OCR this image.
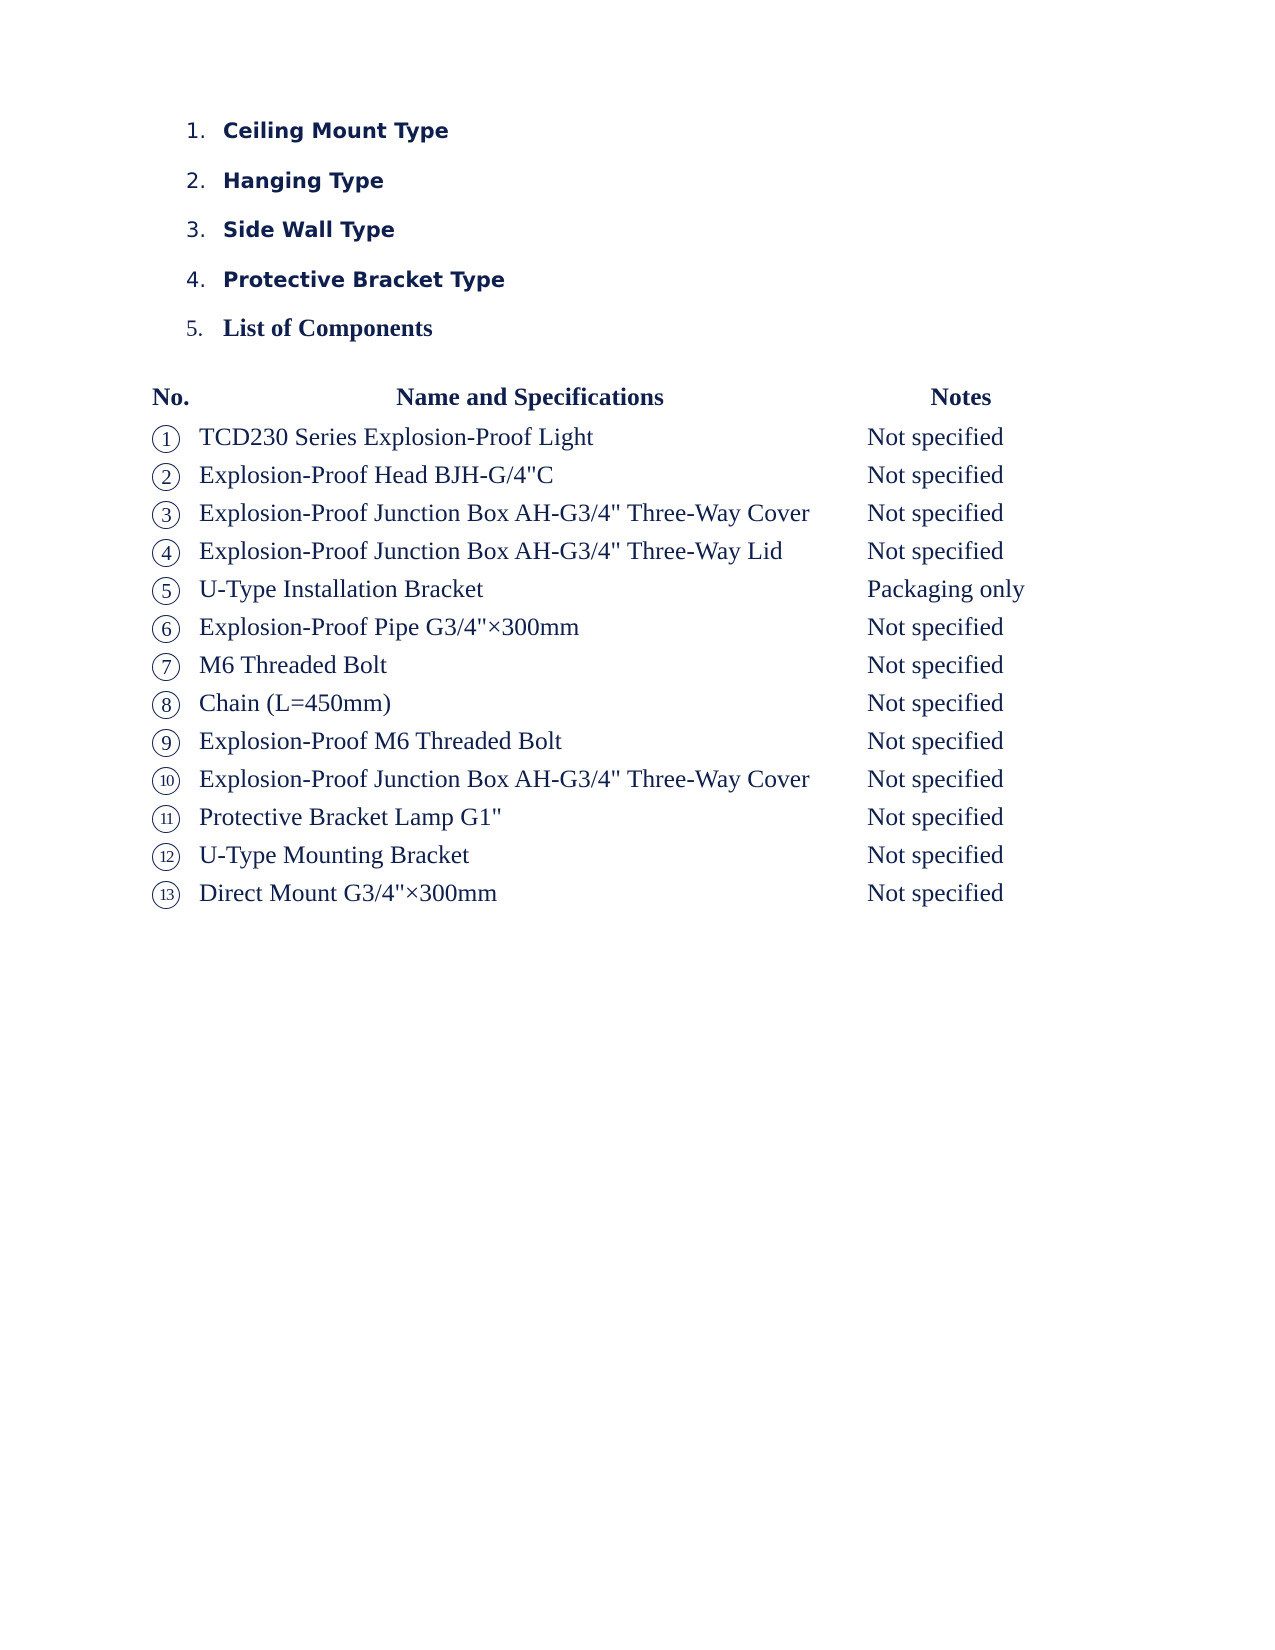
1. Ceiling Mount Type
2. Hanging Type
3. Side Wall Type
4. Protective Bracket Type
5. List of Components
No.	Name and Specifications	Notes
1	TCD230 Series Explosion-Proof Light	Not specified
2	Explosion-Proof Head BJH-G/4"C	Not specified
3	Explosion-Proof Junction Box AH-G3/4" Three-Way Cover	Not specified
4	Explosion-Proof Junction Box AH-G3/4" Three-Way Lid	Not specified
5	U-Type Installation Bracket	Packaging only
6	Explosion-Proof Pipe G3/4"×300mm	Not specified
7	M6 Threaded Bolt	Not specified
8	Chain (L=450mm)	Not specified
9	Explosion-Proof M6 Threaded Bolt	Not specified
10	Explosion-Proof Junction Box AH-G3/4" Three-Way Cover	Not specified
11	Protective Bracket Lamp G1"	Not specified
12	U-Type Mounting Bracket	Not specified
13	Direct Mount G3/4"×300mm	Not specified
